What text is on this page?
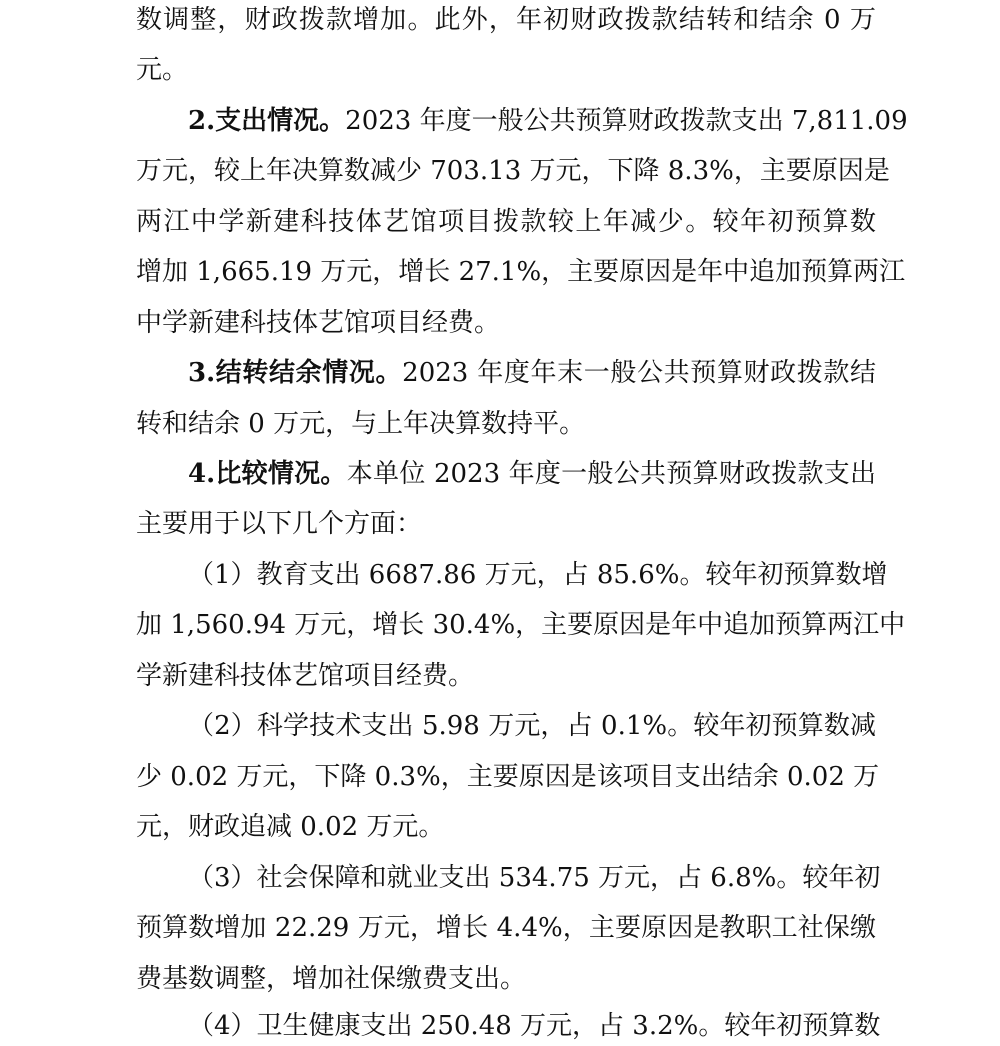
数调整，财政拨款增加。此外，年初财政拨款结转和结余 0 万
元。
2.支出情况。2023 年度一般公共预算财政拨款支出 7,811.09
万元，较上年决算数减少 703.13 万元，下降 8.3%，主要原因是
两江中学新建科技体艺馆项目拨款较上年减少。较年初预算数
增加 1,665.19 万元，增长 27.1%，主要原因是年中追加预算两江
中学新建科技体艺馆项目经费。
3.结转结余情况。2023 年度年末一般公共预算财政拨款结
转和结余 0 万元，与上年决算数持平。
4.比较情况。本单位 2023 年度一般公共预算财政拨款支出
主要用于以下几个方面：
（1）教育支出 6687.86 万元，占 85.6%。较年初预算数增
加 1,560.94 万元，增长 30.4%，主要原因是年中追加预算两江中
学新建科技体艺馆项目经费。
（2）科学技术支出 5.98 万元，占 0.1%。较年初预算数减
少 0.02 万元，下降 0.3%，主要原因是该项目支出结余 0.02 万
元，财政追减 0.02 万元。
（3）社会保障和就业支出 534.75 万元，占 6.8%。较年初
预算数增加 22.29 万元，增长 4.4%，主要原因是教职工社保缴
费基数调整，增加社保缴费支出。
（4）卫生健康支出 250.48 万元，占 3.2%。较年初预算数
